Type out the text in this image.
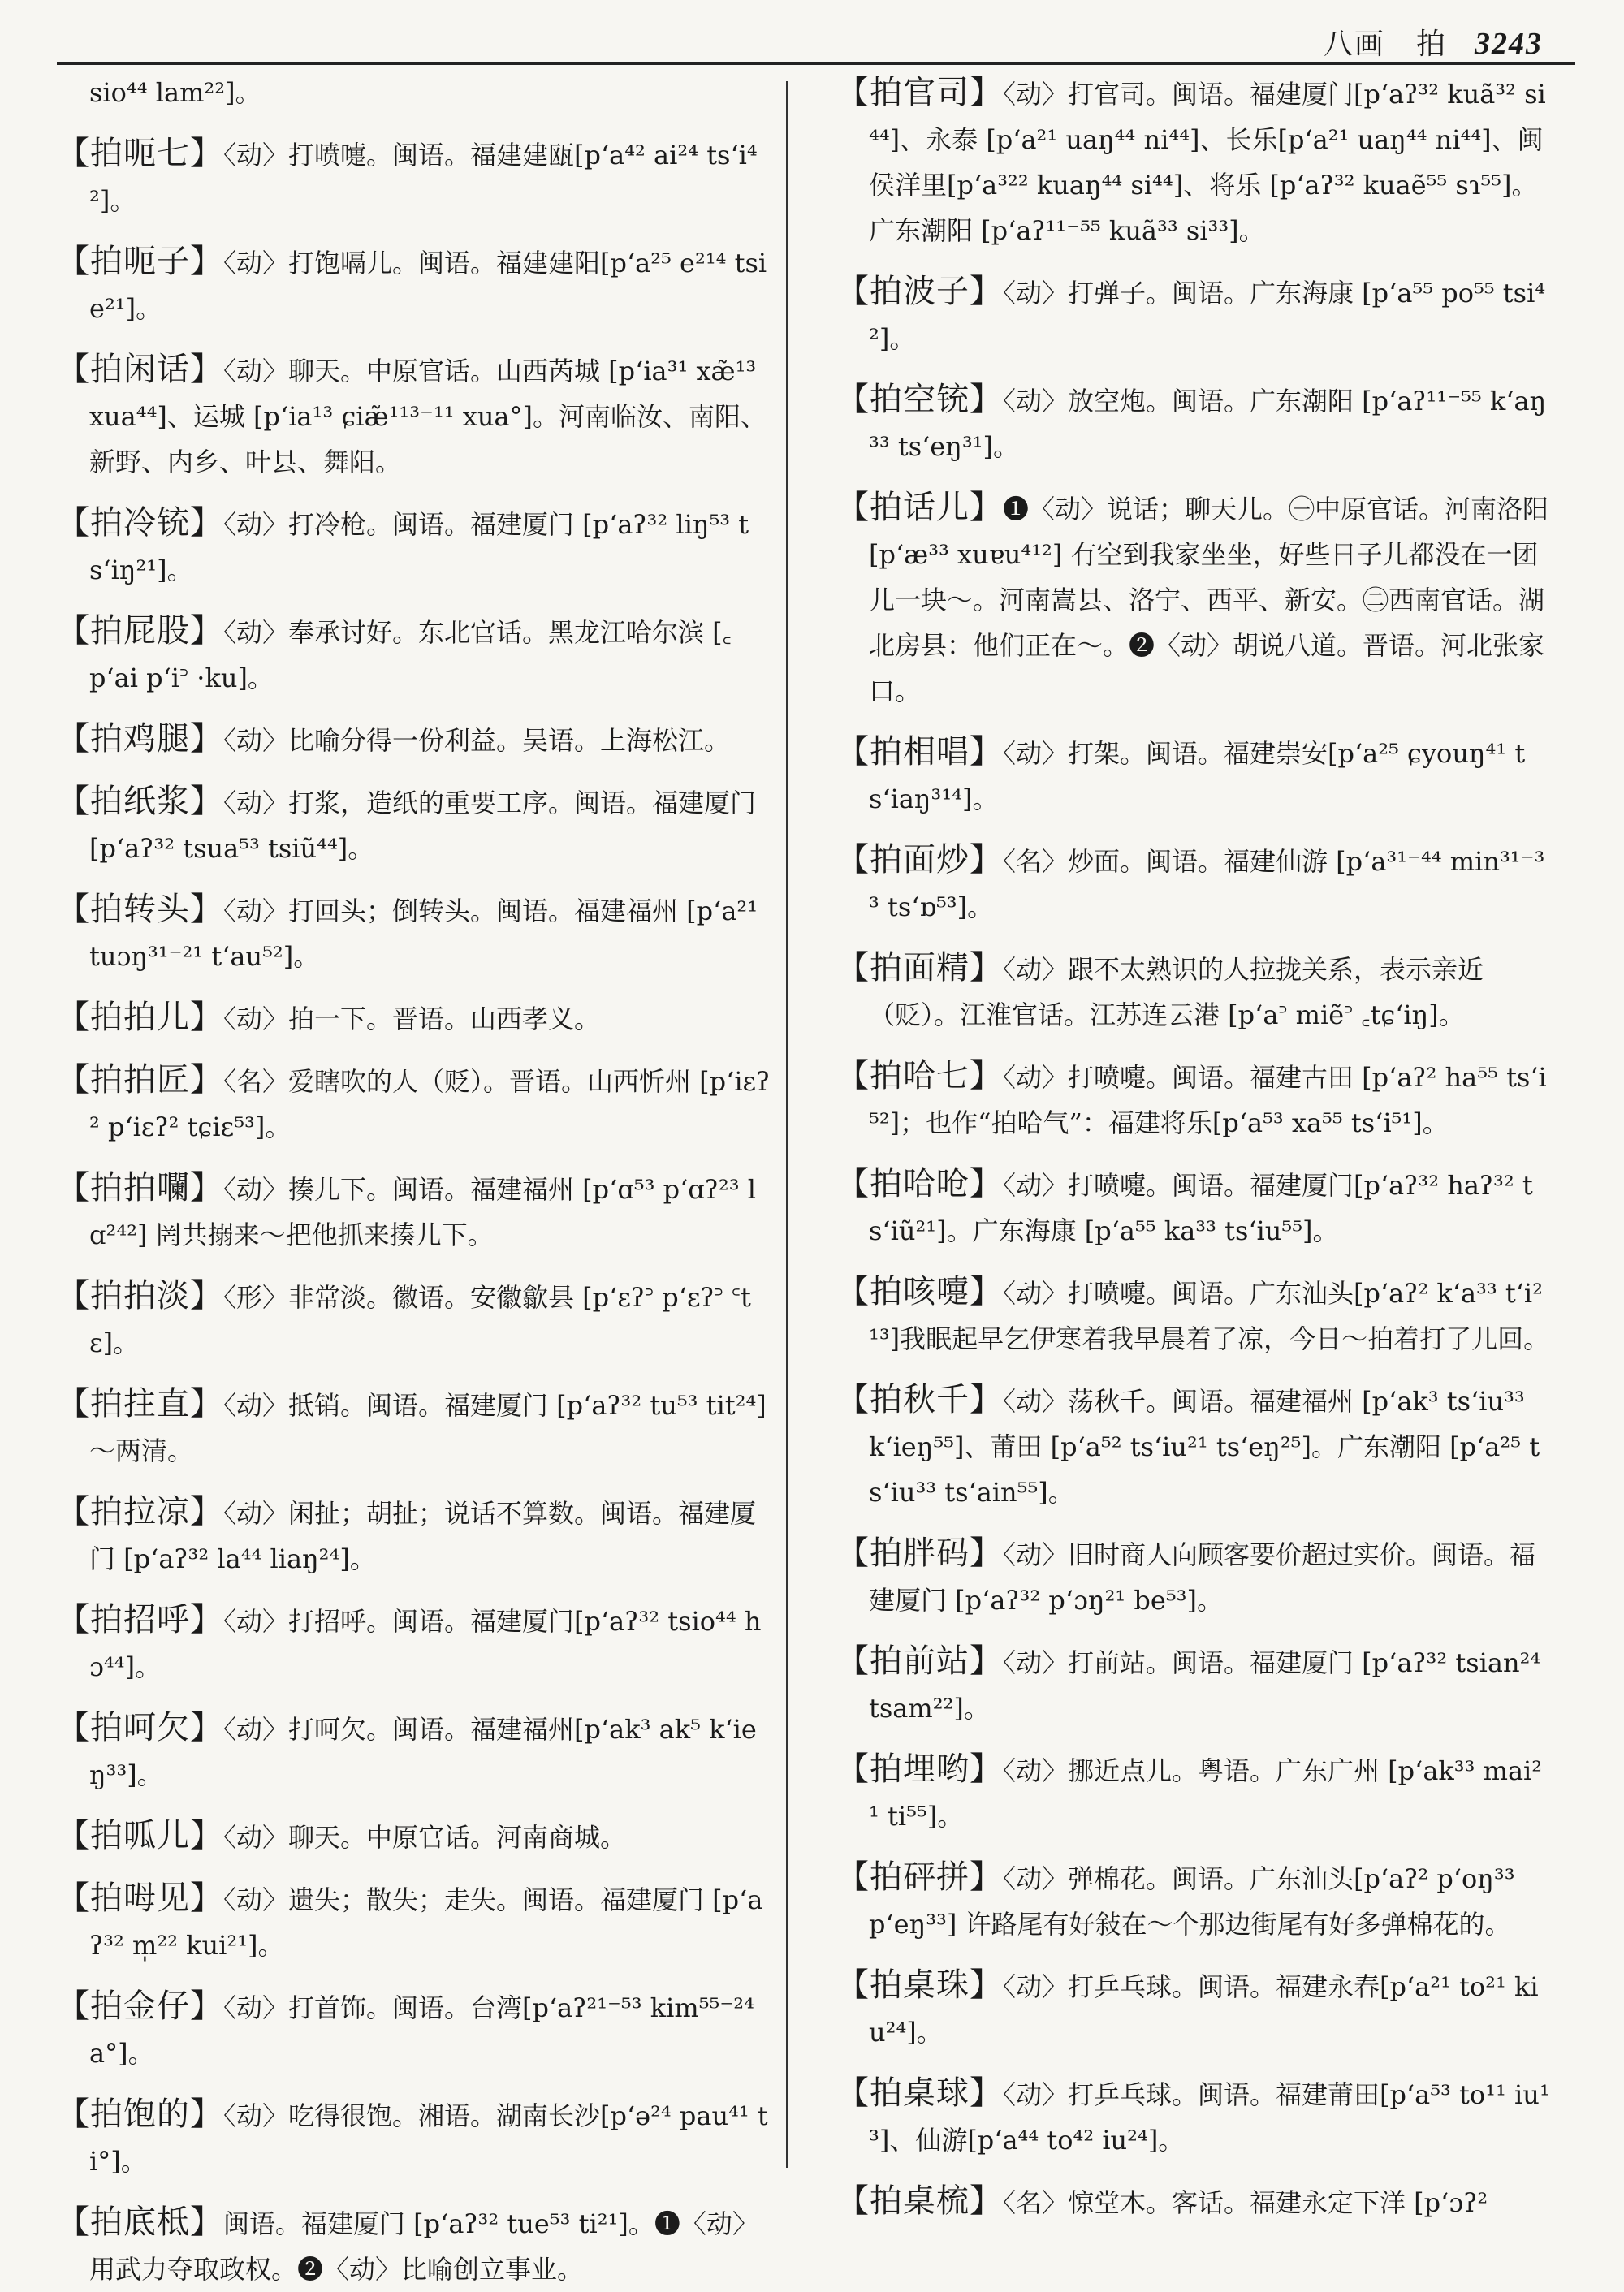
八画　拍 3243
sio⁴⁴ lam²²]。
【拍呃七】〈动〉打喷嚏。闽语。福建建瓯[p‘a⁴² ai²⁴ ts‘i⁴²]。
【拍呃子】〈动〉打饱嗝儿。闽语。福建建阳[p‘a²⁵ e²¹⁴ tsie²¹]。
【拍闲话】〈动〉聊天。中原官话。山西芮城 [p‘ia³¹ xæ̃¹³ xua⁴⁴]、运城 [p‘ia¹³ ɕiæ̃¹¹³⁻¹¹ xua°]。河南临汝、南阳、新野、内乡、叶县、舞阳。
【拍冷铳】〈动〉打冷枪。闽语。福建厦门 [p‘aʔ³² liŋ⁵³ ts‘iŋ²¹]。
【拍屁股】〈动〉奉承讨好。东北官话。黑龙江哈尔滨 [꜀p‘ai p‘i꜄ ·ku]。
【拍鸡腿】〈动〉比喻分得一份利益。吴语。上海松江。
【拍纸浆】〈动〉打浆，造纸的重要工序。闽语。福建厦门 [p‘aʔ³² tsua⁵³ tsiũ⁴⁴]。
【拍转头】〈动〉打回头；倒转头。闽语。福建福州 [p‘a²¹ tuɔŋ³¹⁻²¹ t‘au⁵²]。
【拍拍儿】〈动〉拍一下。晋语。山西孝义。
【拍拍匠】〈名〉爱瞎吹的人（贬）。晋语。山西忻州 [p‘iɛʔ² p‘iɛʔ² tɕiɛ⁵³]。
【拍拍㘓】〈动〉揍儿下。闽语。福建福州 [p‘ɑ⁵³ p‘ɑʔ²³ lɑ²⁴²] 罔共搦来～把他抓来揍儿下。
【拍拍淡】〈形〉非常淡。徽语。安徽歙县 [p‘ɛʔ꜄ p‘ɛʔ꜄ ꜂tɛ]。
【拍拄直】〈动〉抵销。闽语。福建厦门 [p‘aʔ³² tu⁵³ tit²⁴] ～两清。
【拍拉凉】〈动〉闲扯；胡扯；说话不算数。闽语。福建厦门 [p‘aʔ³² la⁴⁴ liaŋ²⁴]。
【拍招呼】〈动〉打招呼。闽语。福建厦门[p‘aʔ³² tsio⁴⁴ hɔ⁴⁴]。
【拍呵欠】〈动〉打呵欠。闽语。福建福州[p‘ak³ ak⁵ k‘ieŋ³³]。
【拍呱儿】〈动〉聊天。中原官话。河南商城。
【拍呣见】〈动〉遗失；散失；走失。闽语。福建厦门 [p‘aʔ³² m̩²² kui²¹]。
【拍金仔】〈动〉打首饰。闽语。台湾[p‘aʔ²¹⁻⁵³ kim⁵⁵⁻²⁴ a°]。
【拍饱的】〈动〉吃得很饱。湘语。湖南长沙[p‘ə²⁴ pau⁴¹ ti°]。
【拍底柢】闽语。福建厦门 [p‘aʔ³² tue⁵³ ti²¹]。❶〈动〉用武力夺取政权。❷〈动〉比喻创立事业。
【拍官司】〈动〉打官司。闽语。福建厦门[p‘aʔ³² kuã³² si⁴⁴]、永泰 [p‘a²¹ uaŋ⁴⁴ ni⁴⁴]、长乐[p‘a²¹ uaŋ⁴⁴ ni⁴⁴]、闽侯洋里[p‘a³²² kuaŋ⁴⁴ si⁴⁴]、将乐 [p‘aʔ³² kuaẽ⁵⁵ sɿ⁵⁵]。广东潮阳 [p‘aʔ¹¹⁻⁵⁵ kuã³³ si³³]。
【拍波子】〈动〉打弹子。闽语。广东海康 [p‘a⁵⁵ po⁵⁵ tsi⁴²]。
【拍空铳】〈动〉放空炮。闽语。广东潮阳 [p‘aʔ¹¹⁻⁵⁵ k‘aŋ³³ ts‘eŋ³¹]。
【拍话儿】❶〈动〉说话；聊天儿。㊀中原官话。河南洛阳[p‘æ³³ xuɐu⁴¹²] 有空到我家坐坐，好些日子儿都没在一团儿一块～。河南嵩县、洛宁、西平、新安。㊁西南官话。湖北房县：他们正在～。❷〈动〉胡说八道。晋语。河北张家口。
【拍相唱】〈动〉打架。闽语。福建崇安[p‘a²⁵ ɕyouŋ⁴¹ ts‘iaŋ³¹⁴]。
【拍面炒】〈名〉炒面。闽语。福建仙游 [p‘a³¹⁻⁴⁴ min³¹⁻³³ ts‘ɒ⁵³]。
【拍面精】〈动〉跟不太熟识的人拉拢关系，表示亲近（贬）。江淮官话。江苏连云港 [p‘a꜄ miẽ꜄ ꜀tɕ‘iŋ]。
【拍哈七】〈动〉打喷嚏。闽语。福建古田 [p‘aʔ² ha⁵⁵ ts‘i⁵²]；也作“拍哈气”：福建将乐[p‘a⁵³ xa⁵⁵ ts‘i⁵¹]。
【拍哈呛】〈动〉打喷嚏。闽语。福建厦门[p‘aʔ³² haʔ³² ts‘iũ²¹]。广东海康 [p‘a⁵⁵ ka³³ ts‘iu⁵⁵]。
【拍咳嚏】〈动〉打喷嚏。闽语。广东汕头[p‘aʔ² k‘a³³ t‘i²¹³]我眠起早乞伊寒着我早晨着了凉，今日～拍着打了儿回。
【拍秋千】〈动〉荡秋千。闽语。福建福州 [p‘ak³ ts‘iu³³ k‘ieŋ⁵⁵]、莆田 [p‘a⁵² ts‘iu²¹ ts‘eŋ²⁵]。广东潮阳 [p‘a²⁵ ts‘iu³³ ts‘ain⁵⁵]。
【拍胖码】〈动〉旧时商人向顾客要价超过实价。闽语。福建厦门 [p‘aʔ³² p‘ɔŋ²¹ be⁵³]。
【拍前站】〈动〉打前站。闽语。福建厦门 [p‘aʔ³² tsian²⁴ tsam²²]。
【拍埋哟】〈动〉挪近点儿。粤语。广东广州 [p‘ak³³ mai²¹ ti⁵⁵]。
【拍砰拼】〈动〉弹棉花。闽语。广东汕头[p‘aʔ² p‘oŋ³³ p‘eŋ³³] 许路尾有好敍在～个那边街尾有好多弹棉花的。
【拍桌珠】〈动〉打乒乓球。闽语。福建永春[p‘a²¹ to²¹ kiu²⁴]。
【拍桌球】〈动〉打乒乓球。闽语。福建莆田[p‘a⁵³ to¹¹ iu¹³]、仙游[p‘a⁴⁴ to⁴² iu²⁴]。
【拍桌梳】〈名〉惊堂木。客话。福建永定下洋 [p‘ɔʔ²
